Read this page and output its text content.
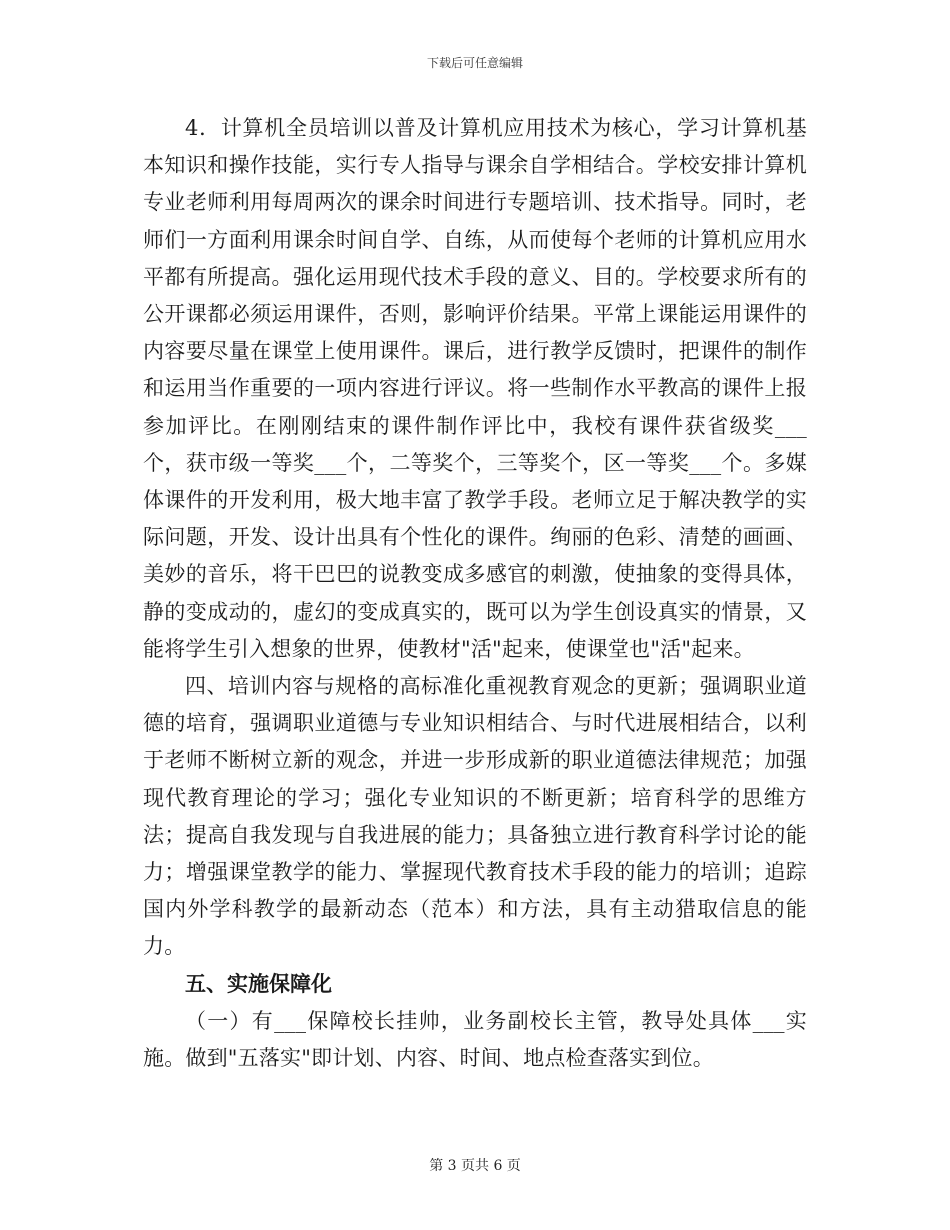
下载后可任意编辑

4．计算机全员培训以普及计算机应用技术为核心，学习计算机基本知识和操作技能，实行专人指导与课余自学相结合。学校安排计算机专业老师利用每周两次的课余时间进行专题培训、技术指导。同时，老师们一方面利用课余时间自学、自练，从而使每个老师的计算机应用水平都有所提高。强化运用现代技术手段的意义、目的。学校要求所有的公开课都必须运用课件，否则，影响评价结果。平常上课能运用课件的内容要尽量在课堂上使用课件。课后，进行教学反馈时，把课件的制作和运用当作重要的一项内容进行评议。将一些制作水平教高的课件上报参加评比。在刚刚结束的课件制作评比中，我校有课件获省级奖___个，获市级一等奖___个，二等奖个，三等奖个，区一等奖___个。多媒体课件的开发利用，极大地丰富了教学手段。老师立足于解决教学的实际问题，开发、设计出具有个性化的课件。绚丽的色彩、清楚的画画、美妙的音乐，将干巴巴的说教变成多感官的刺激，使抽象的变得具体，静的变成动的，虚幻的变成真实的，既可以为学生创设真实的情景，又能将学生引入想象的世界，使教材"活"起来，使课堂也"活"起来。

四、培训内容与规格的高标准化重视教育观念的更新；强调职业道德的培育，强调职业道德与专业知识相结合、与时代进展相结合，以利于老师不断树立新的观念，并进一步形成新的职业道德法律规范；加强现代教育理论的学习；强化专业知识的不断更新；培育科学的思维方法；提高自我发现与自我进展的能力；具备独立进行教育科学讨论的能力；增强课堂教学的能力、掌握现代教育技术手段的能力的培训；追踪国内外学科教学的最新动态（范本）和方法，具有主动猎取信息的能力。

五、实施保障化

（一）有___保障校长挂帅，业务副校长主管，教导处具体___实施。做到"五落实"即计划、内容、时间、地点检查落实到位。

第 3 页共 6 页
